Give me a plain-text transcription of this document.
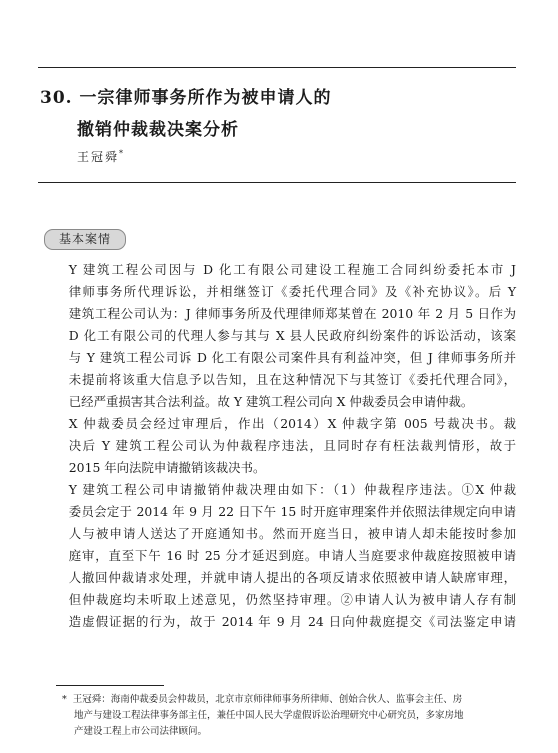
30. 一宗律师事务所作为被申请人的
撤销仲裁裁决案分析
王冠舜*
基本案情

Y 建筑工程公司因与 D 化工有限公司建设工程施工合同纠纷委托本市 J
律师事务所代理诉讼，并相继签订《委托代理合同》及《补充协议》。后 Y
建筑工程公司认为：J 律师事务所及代理律师郑某曾在 2010 年 2 月 5 日作为
D 化工有限公司的代理人参与其与 X 县人民政府纠纷案件的诉讼活动，该案
与 Y 建筑工程公司诉 D 化工有限公司案件具有利益冲突，但 J 律师事务所并
未提前将该重大信息予以告知，且在这种情况下与其签订《委托代理合同》，
已经严重损害其合法利益。故 Y 建筑工程公司向 X 仲裁委员会申请仲裁。

X 仲裁委员会经过审理后，作出（2014）X 仲裁字第 005 号裁决书。裁
决后 Y 建筑工程公司认为仲裁程序违法，且同时存有枉法裁判情形，故于
2015 年向法院申请撤销该裁决书。

Y 建筑工程公司申请撤销仲裁决理由如下：（1）仲裁程序违法。①X 仲裁
委员会定于 2014 年 9 月 22 日下午 15 时开庭审理案件并依照法律规定向申请
人与被申请人送达了开庭通知书。然而开庭当日，被申请人却未能按时参加
庭审，直至下午 16 时 25 分才延迟到庭。申请人当庭要求仲裁庭按照被申请
人撤回仲裁请求处理，并就申请人提出的各项反请求依照被申请人缺席审理，
但仲裁庭均未听取上述意见，仍然坚持审理。②申请人认为被申请人存有制
造虚假证据的行为，故于 2014 年 9 月 24 日向仲裁庭提交《司法鉴定申请

* 王冠舜：海南仲裁委员会仲裁员，北京市京师律师事务所律师、创始合伙人、监事会主任、房
地产与建设工程法律事务部主任，兼任中国人民大学虚假诉讼治理研究中心研究员，多家房地
产建设工程上市公司法律顾问。
